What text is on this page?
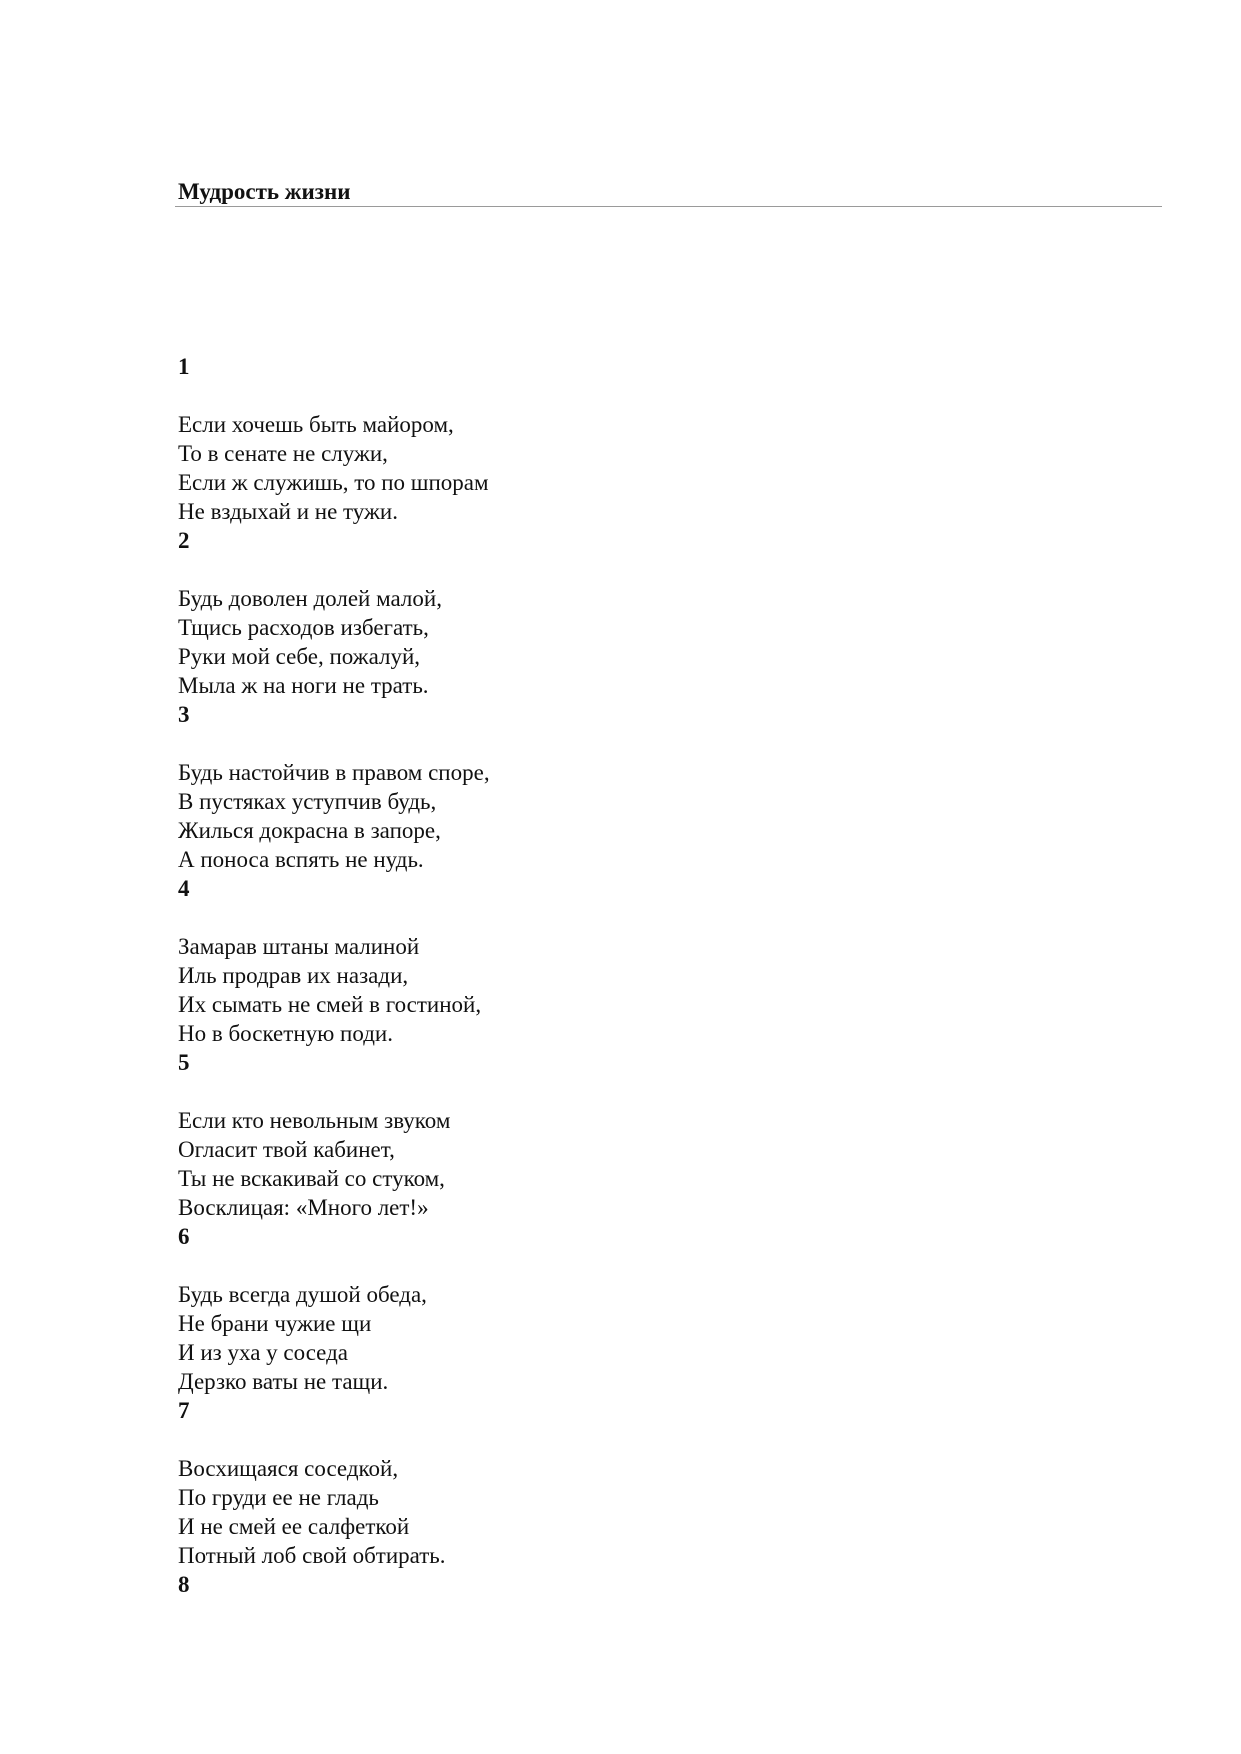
Мудрость жизни
1
Если хочешь быть майором,
То в сенате не служи,
Если ж служишь, то по шпорам
Не вздыхай и не тужи.
2
Будь доволен долей малой,
Тщись расходов избегать,
Руки мой себе, пожалуй,
Мыла ж на ноги не трать.
3
Будь настойчив в правом споре,
В пустяках уступчив будь,
Жилься докрасна в запоре,
А поноса вспять не нудь.
4
Замарав штаны малиной
Иль продрав их назади,
Их сымать не смей в гостиной,
Но в боскетную поди.
5
Если кто невольным звуком
Огласит твой кабинет,
Ты не вскакивай со стуком,
Восклицая: «Много лет!»
6
Будь всегда душой обеда,
Не брани чужие щи
И из уха у соседа
Дерзко ваты не тащи.
7
Восхищаяся соседкой,
По груди ее не гладь
И не смей ее салфеткой
Потный лоб свой обтирать.
8
